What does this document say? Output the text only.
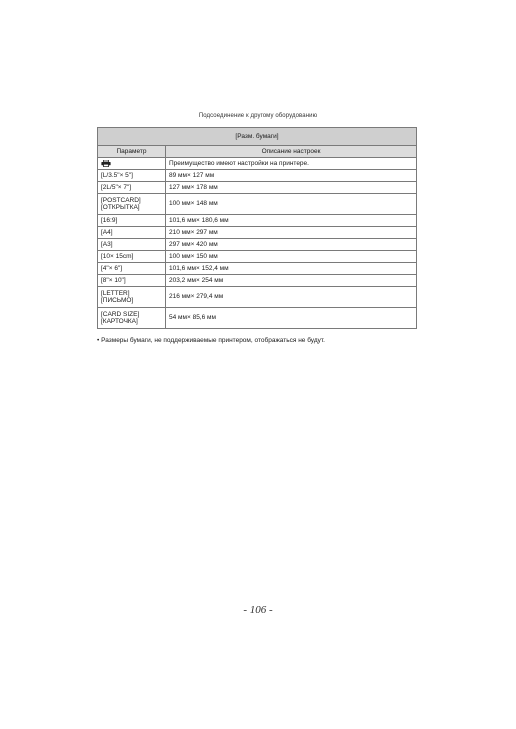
Подсоединение к другому оборудованию
[Разм. бумаги]	
Параметр	Описание настроек
	Преимущество имеют настройки на принтере.
[L/3.5"× 5"]	89 мм× 127 мм
[2L/5"× 7"]	127 мм× 178 мм
[POSTCARD]
[ОТКРЫТКА]	100 мм× 148 мм
[16:9]	101,6 мм× 180,6 мм
[A4]	210 мм× 297 мм
[A3]	297 мм× 420 мм
[10× 15cm]	100 мм× 150 мм
[4"× 6"]	101,6 мм× 152,4 мм
[8"× 10"]	203,2 мм× 254 мм
[LETTER]
[ПИСЬМО]	216 мм× 279,4 мм
[CARD SIZE]
[КАРТОЧКА]	54 мм× 85,6 мм
• Размеры бумаги, не поддерживаемые принтером, отображаться не будут.
- 106 -
